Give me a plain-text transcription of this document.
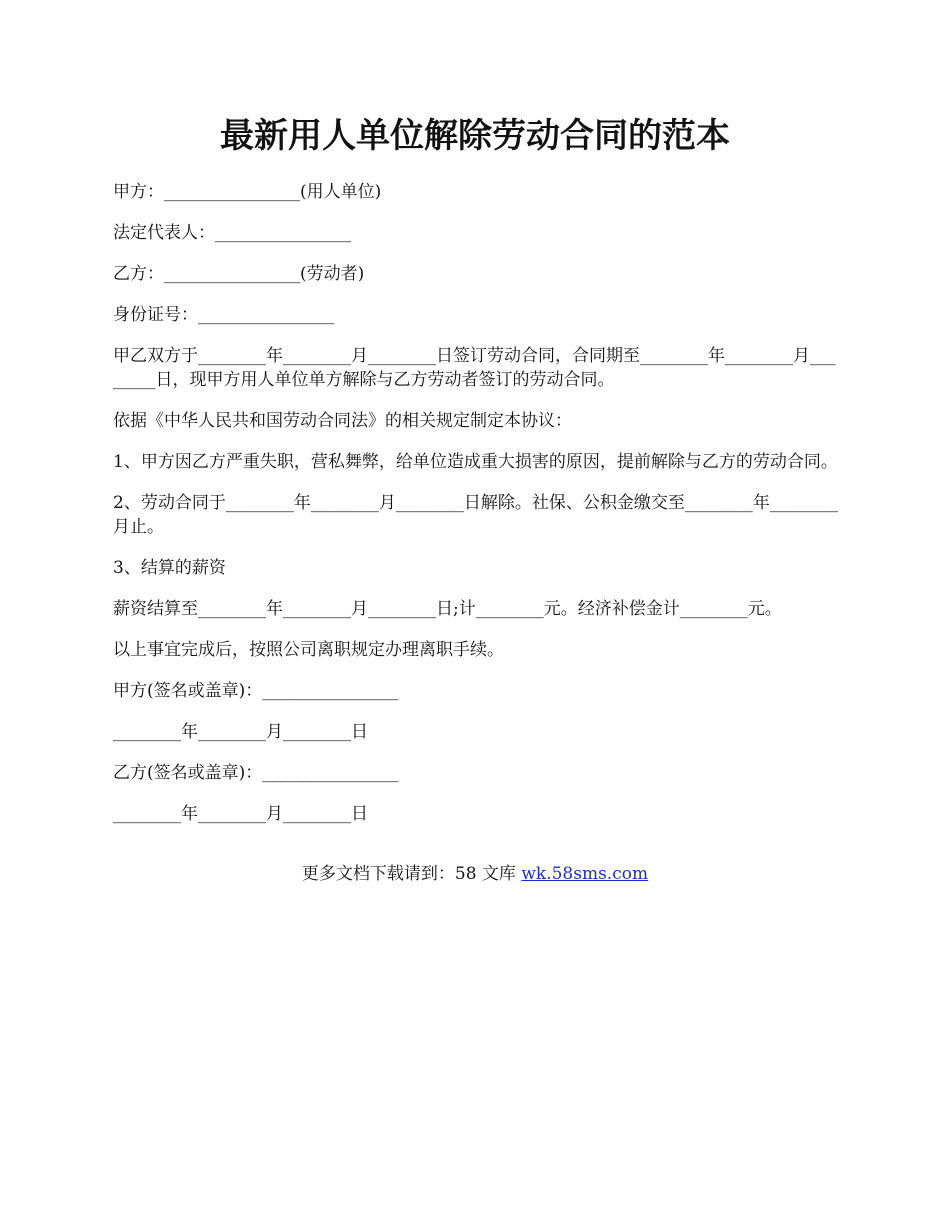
最新用人单位解除劳动合同的范本

甲方：________________(用人单位)

法定代表人：________________

乙方：________________(劳动者)

身份证号：________________

甲乙双方于________年________月________日签订劳动合同，合同期至________年________月________日，现甲方用人单位单方解除与乙方劳动者签订的劳动合同。

依据《中华人民共和国劳动合同法》的相关规定制定本协议：

1、甲方因乙方严重失职，营私舞弊，给单位造成重大损害的原因，提前解除与乙方的劳动合同。

2、劳动合同于________年________月________日解除。社保、公积金缴交至________年________月止。

3、结算的薪资

薪资结算至________年________月________日;计________元。经济补偿金计________元。

以上事宜完成后，按照公司离职规定办理离职手续。

甲方(签名或盖章)：________________

________年________月________日

乙方(签名或盖章)：________________

________年________月________日

更多文档下载请到：58 文库 wk.58sms.com
